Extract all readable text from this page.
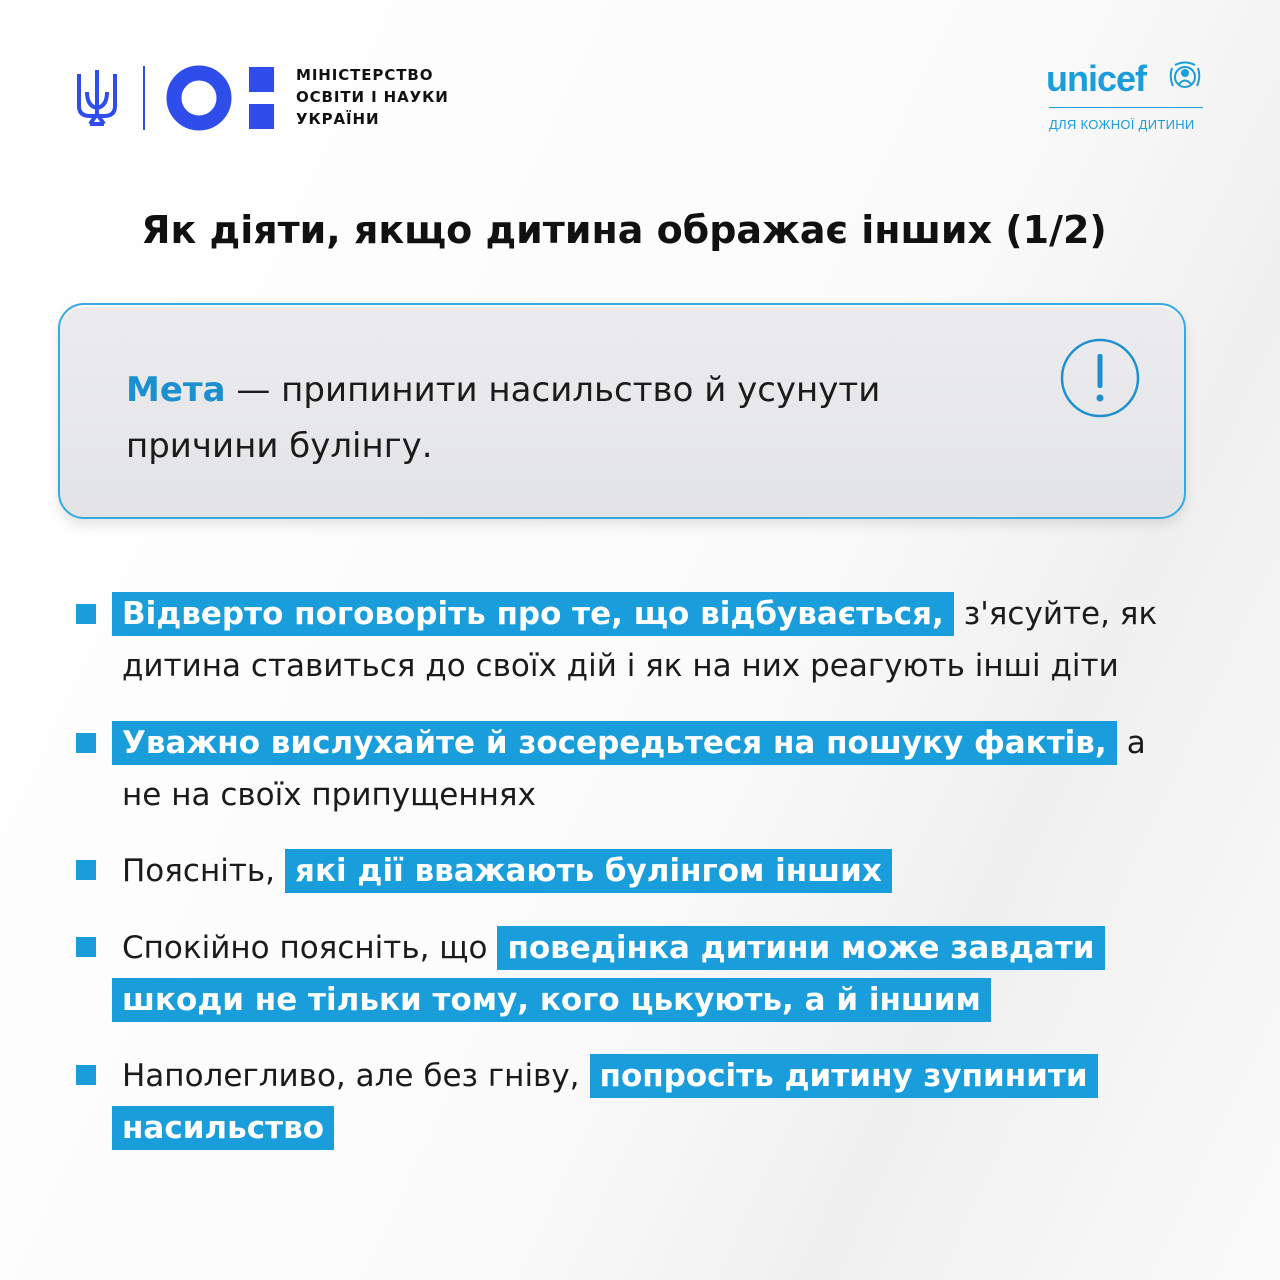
МІНІСТЕРСТВО
ОСВІТИ І НАУКИ
УКРАЇНИ
unicef
ДЛЯ КОЖНОЇ ДИТИНИ
Як діяти, якщо дитина ображає інших (1/2)
Мета — припинити насильство й усунути
причини булінгу.
Відверто поговоріть про те, що відбувається, з'ясуйте, як
дитина ставиться до своїх дій і як на них реагують інші діти
Уважно вислухайте й зосередьтеся на пошуку фактів, а
не на своїх припущеннях
Поясніть, які дії вважають булінгом інших
Спокійно поясніть, що поведінка дитини може завдати
шкоди не тільки тому, кого цькують, а й іншим
Наполегливо, але без гніву, попросіть дитину зупинити
насильство
